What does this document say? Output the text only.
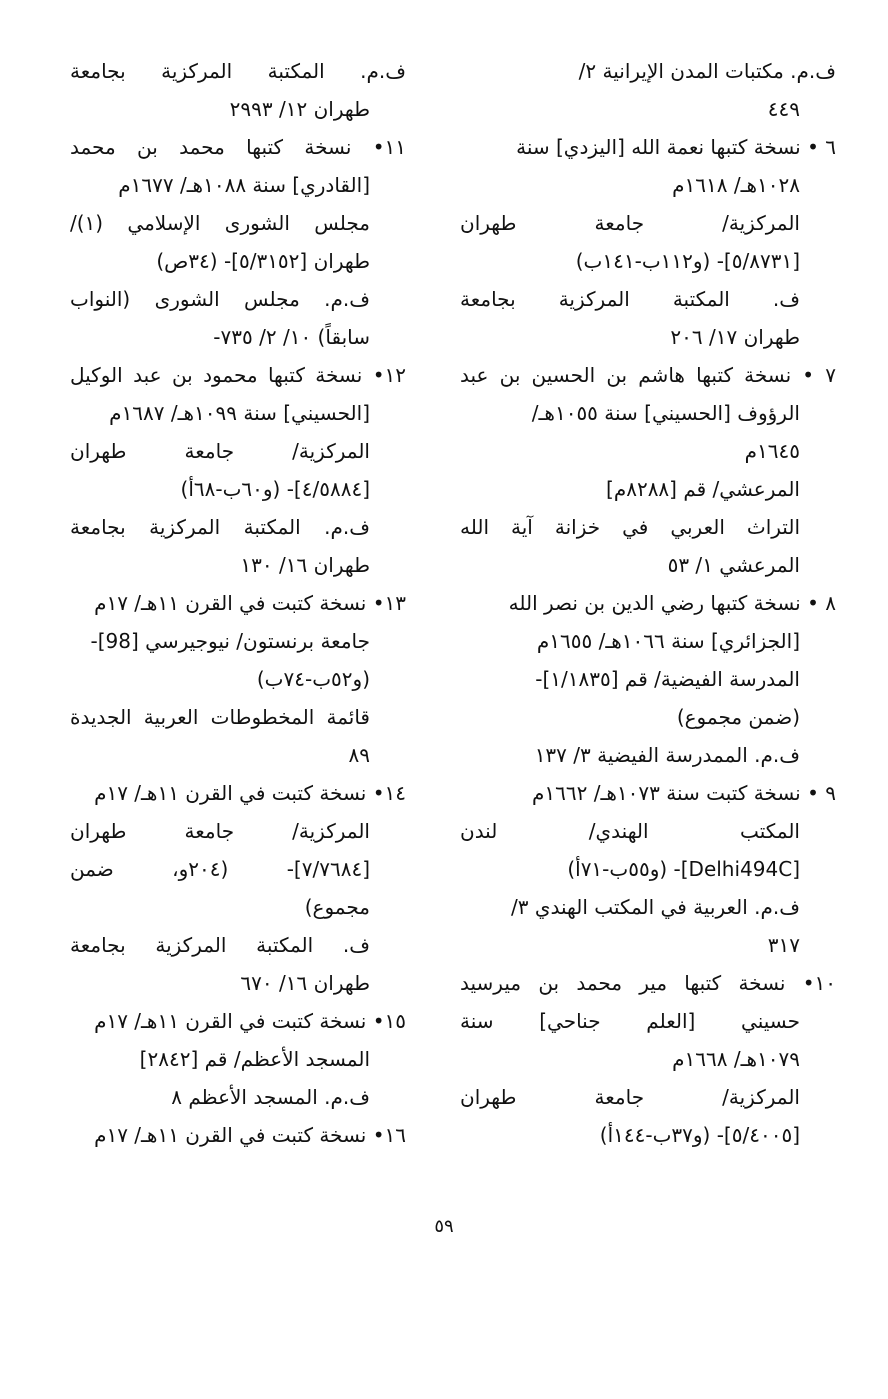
ف.م. مكتبات المدن الإيرانية ٢/
٤٤٩
٦ • نسخة كتبها نعمة الله [اليزدي] سنة
١٠٢٨هـ/ ١٦١٨م
المركزية/ جامعة طهران
[٥/٨٧٣١]- (و١١٢ب-١٤١ب)
ف. المكتبة المركزية بجامعة
طهران ١٧/ ٢٠٦
٧ • نسخة كتبها هاشم بن الحسين بن عبد
الرؤوف [الحسيني] سنة ١٠٥٥هـ/
١٦٤٥م
المرعشي/ قم [٨٢٨٨م]
التراث العربي في خزانة آية الله
المرعشي ١/ ٥٣
٨ • نسخة كتبها رضي الدين بن نصر الله
[الجزائري] سنة ١٠٦٦هـ/ ١٦٥٥م
المدرسة الفيضية/ قم [١/١٨٣٥]-
(ضمن مجموع)
ف.م. الممدرسة الفيضية ٣/ ١٣٧
٩ • نسخة كتبت سنة ١٠٧٣هـ/ ١٦٦٢م
المكتب الهندي/ لندن
[Delhi494C]- (و٥٥ب-٧١أ)
ف.م. العربية في المكتب الهندي ٣/
٣١٧
١٠• نسخة كتبها مير محمد بن ميرسيد
حسيني [العلم جناحي] سنة
١٠٧٩هـ/ ١٦٦٨م
المركزية/ جامعة طهران
[٥/٤٠٠٥]- (و٣٧ب-١٤٤أ)
ف.م. المكتبة المركزية بجامعة
طهران ١٢/ ٢٩٩٣
١١• نسخة كتبها محمد بن محمد
[القادري] سنة ١٠٨٨هـ/ ١٦٧٧م
مجلس الشورى الإسلامي (١)/
طهران [٥/٣١٥٢]- (٣٤ص)
ف.م. مجلس الشورى (النواب
سابقاً) ١٠/ ٢/ ٧٣٥-
١٢• نسخة كتبها محمود بن عبد الوكيل
[الحسيني] سنة ١٠٩٩هـ/ ١٦٨٧م
المركزية/ جامعة طهران
[٤/٥٨٨٤]- (و٦٠ب-٦٨أ)
ف.م. المكتبة المركزية بجامعة
طهران ١٦/ ١٣٠
١٣• نسخة كتبت في القرن ١١هـ/ ١٧م
جامعة برنستون/ نيوجيرسي [98]-
(و٥٢ب-٧٤ب)
قائمة المخطوطات العربية الجديدة
٨٩
١٤• نسخة كتبت في القرن ١١هـ/ ١٧م
المركزية/ جامعة طهران
[٧/٧٦٨٤]- (٢٠٤و، ضمن
مجموع)
ف. المكتبة المركزية بجامعة
طهران ١٦/ ٦٧٠
١٥• نسخة كتبت في القرن ١١هـ/ ١٧م
المسجد الأعظم/ قم [٢٨٤٢]
ف.م. المسجد الأعظم ٨
١٦• نسخة كتبت في القرن ١١هـ/ ١٧م
٥٩
